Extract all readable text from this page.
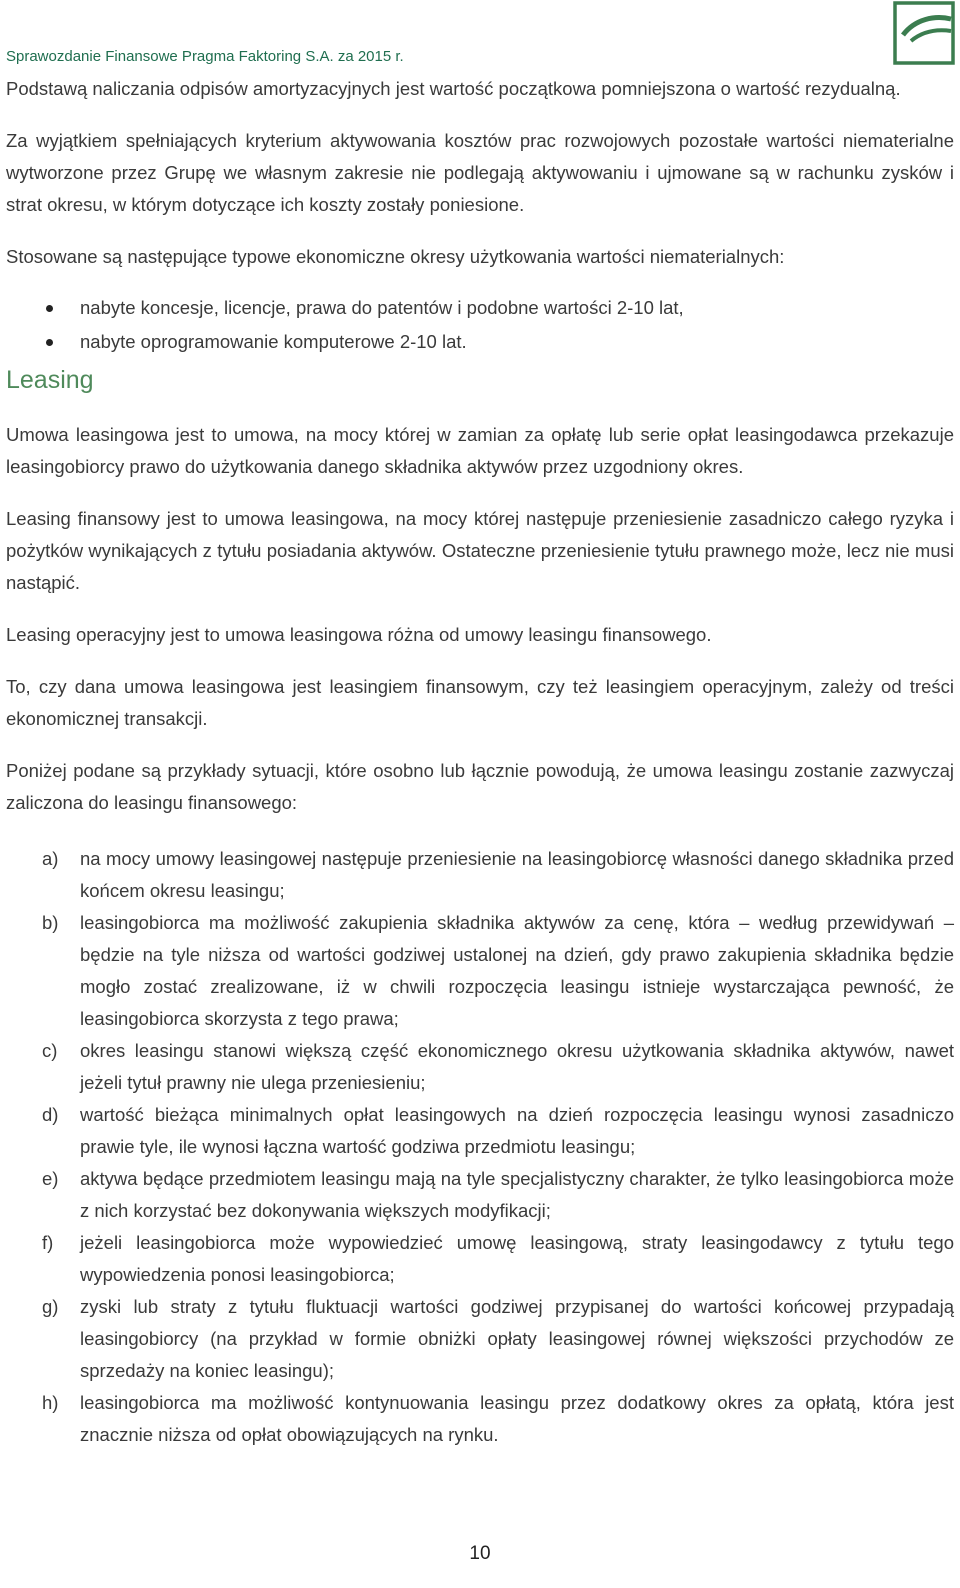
Sprawozdanie Finansowe Pragma Faktoring S.A. za 2015 r.

Podstawą naliczania odpisów amortyzacyjnych jest wartość początkowa pomniejszona o wartość rezydualną.

Za wyjątkiem spełniających kryterium aktywowania kosztów prac rozwojowych pozostałe wartości niematerialne wytworzone przez Grupę we własnym zakresie nie podlegają aktywowaniu i ujmowane są w rachunku zysków i strat okresu, w którym dotyczące ich koszty zostały poniesione.

Stosowane są następujące typowe ekonomiczne okresy użytkowania wartości niematerialnych:

nabyte koncesje, licencje, prawa do patentów i podobne wartości 2-10 lat,
nabyte oprogramowanie komputerowe 2-10 lat.
Leasing

Umowa leasingowa jest to umowa, na mocy której w zamian za opłatę lub serie opłat leasingodawca przekazuje leasingobiorcy prawo do użytkowania danego składnika aktywów przez uzgodniony okres.

Leasing finansowy jest to umowa leasingowa, na mocy której następuje przeniesienie zasadniczo całego ryzyka i pożytków wynikających z tytułu posiadania aktywów. Ostateczne przeniesienie tytułu prawnego może, lecz nie musi nastąpić.

Leasing operacyjny jest to umowa leasingowa różna od umowy leasingu finansowego.

To, czy dana umowa leasingowa jest leasingiem finansowym, czy też leasingiem operacyjnym, zależy od treści ekonomicznej transakcji.

Poniżej podane są przykłady sytuacji, które osobno lub łącznie powodują, że umowa leasingu zostanie zazwyczaj zaliczona do leasingu finansowego:

a) na mocy umowy leasingowej następuje przeniesienie na leasingobiorcę własności danego składnika przed końcem okresu leasingu;
b) leasingobiorca ma możliwość zakupienia składnika aktywów za cenę, która – według przewidywań – będzie na tyle niższa od wartości godziwej ustalonej na dzień, gdy prawo zakupienia składnika będzie mogło zostać zrealizowane, iż w chwili rozpoczęcia leasingu istnieje wystarczająca pewność, że leasingobiorca skorzysta z tego prawa;
c) okres leasingu stanowi większą część ekonomicznego okresu użytkowania składnika aktywów, nawet jeżeli tytuł prawny nie ulega przeniesieniu;
d) wartość bieżąca minimalnych opłat leasingowych na dzień rozpoczęcia leasingu wynosi zasadniczo prawie tyle, ile wynosi łączna wartość godziwa przedmiotu leasingu;
e) aktywa będące przedmiotem leasingu mają na tyle specjalistyczny charakter, że tylko leasingobiorca może z nich korzystać bez dokonywania większych modyfikacji;
f) jeżeli leasingobiorca może wypowiedzieć umowę leasingową, straty leasingodawcy z tytułu tego wypowiedzenia ponosi leasingobiorca;
g) zyski lub straty z tytułu fluktuacji wartości godziwej przypisanej do wartości końcowej przypadają leasingobiorcy (na przykład w formie obniżki opłaty leasingowej równej większości przychodów ze sprzedaży na koniec leasingu);
h) leasingobiorca ma możliwość kontynuowania leasingu przez dodatkowy okres za opłatą, która jest znacznie niższa od opłat obowiązujących na rynku.
10
